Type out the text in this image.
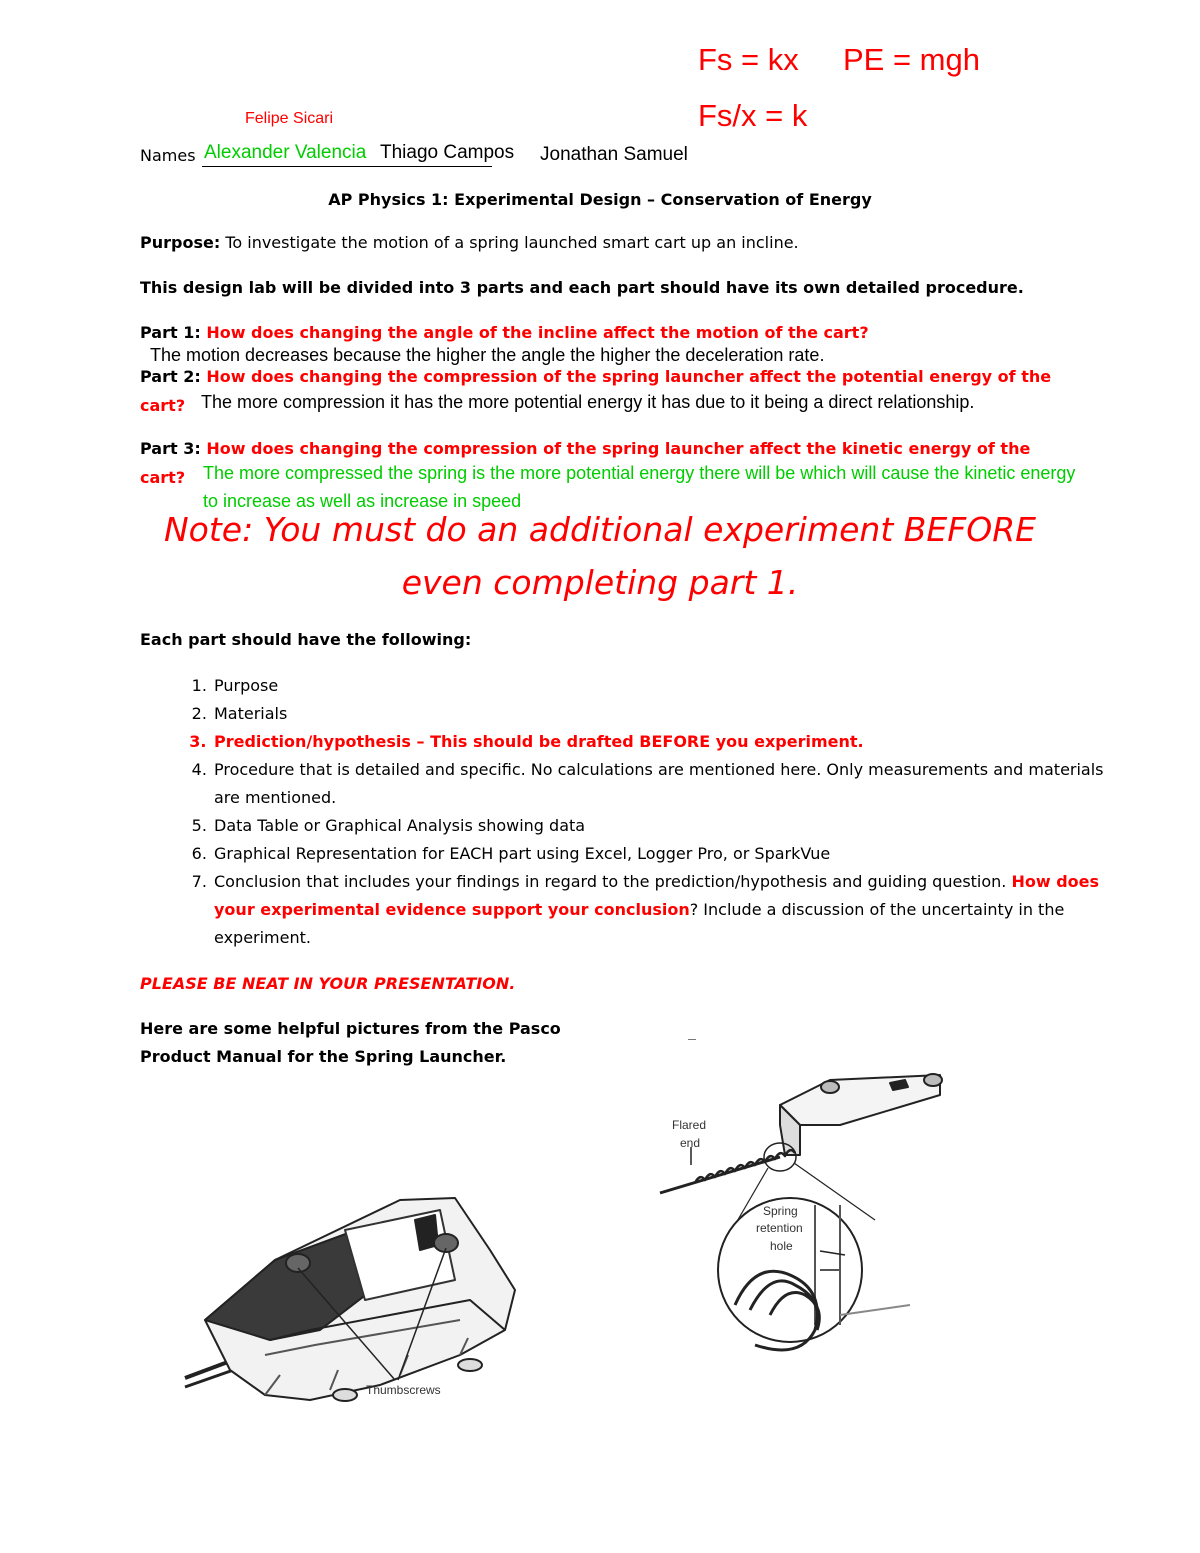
Fs = kx PE = mgh
Fs/x = k
Felipe Sicari
Names Alexander Valencia Thiago Campos Jonathan Samuel
AP Physics 1: Experimental Design – Conservation of Energy
Purpose: To investigate the motion of a spring launched smart cart up an incline.
This design lab will be divided into 3 parts and each part should have its own detailed procedure.
Part 1: How does changing the angle of the incline affect the motion of the cart?
The motion decreases because the higher the angle the higher the deceleration rate.
Part 2: How does changing the compression of the spring launcher affect the potential energy of the
cart? The more compression it has the more potential energy it has due to it being a direct relationship.
Part 3: How does changing the compression of the spring launcher affect the kinetic energy of the
cart? The more compressed the spring is the more potential energy there will be which will cause the kinetic energy
to increase as well as increase in speed
Note: You must do an additional experiment BEFORE
even completing part 1.
Each part should have the following:
1. Purpose
2. Materials
3. Prediction/hypothesis – This should be drafted BEFORE you experiment.
4. Procedure that is detailed and specific. No calculations are mentioned here. Only measurements and materials are mentioned.
5. Data Table or Graphical Analysis showing data
6. Graphical Representation for EACH part using Excel, Logger Pro, or SparkVue
7. Conclusion that includes your findings in regard to the prediction/hypothesis and guiding question. How does your experimental evidence support your conclusion? Include a discussion of the uncertainty in the experiment.
PLEASE BE NEAT IN YOUR PRESENTATION.
Here are some helpful pictures from the Pasco
Product Manual for the Spring Launcher.
Thumbscrews
Flared
end
Spring
retention
hole
